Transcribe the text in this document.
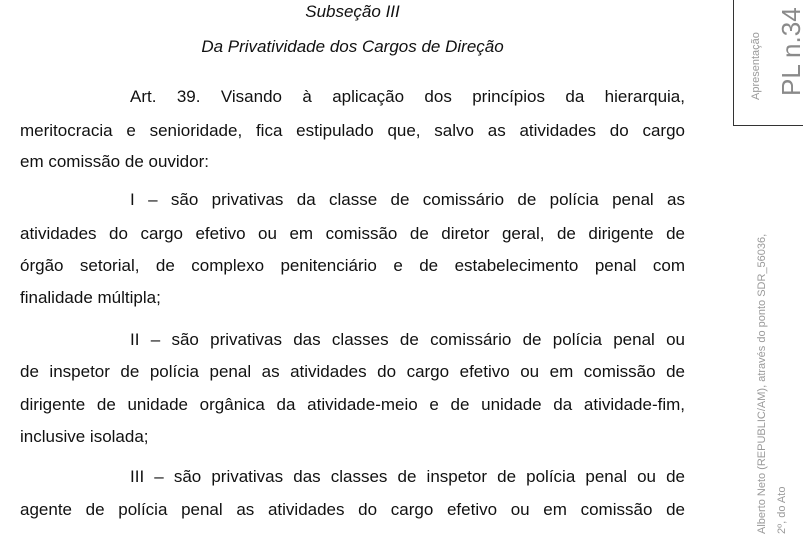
Subseção III
Da Privatividade dos Cargos de Direção
Art. 39. Visando à aplicação dos princípios da hierarquia,
meritocracia e senioridade, fica estipulado que, salvo as atividades do cargo
em comissão de ouvidor:
I – são privativas da classe de comissário de polícia penal as
atividades do cargo efetivo ou em comissão de diretor geral, de dirigente de
órgão setorial, de complexo penitenciário e de estabelecimento penal com
finalidade múltipla;
II – são privativas das classes de comissário de polícia penal ou
de inspetor de polícia penal as atividades do cargo efetivo ou em comissão de
dirigente de unidade orgânica da atividade-meio e de unidade da atividade-fim,
inclusive isolada;
III – são privativas das classes de inspetor de polícia penal ou de
agente de polícia penal as atividades do cargo efetivo ou em comissão de
Apresentação PL n.34
Alberto Neto (REPUBLIC/AM), através do ponto SDR_56036, 2º, do Ato
